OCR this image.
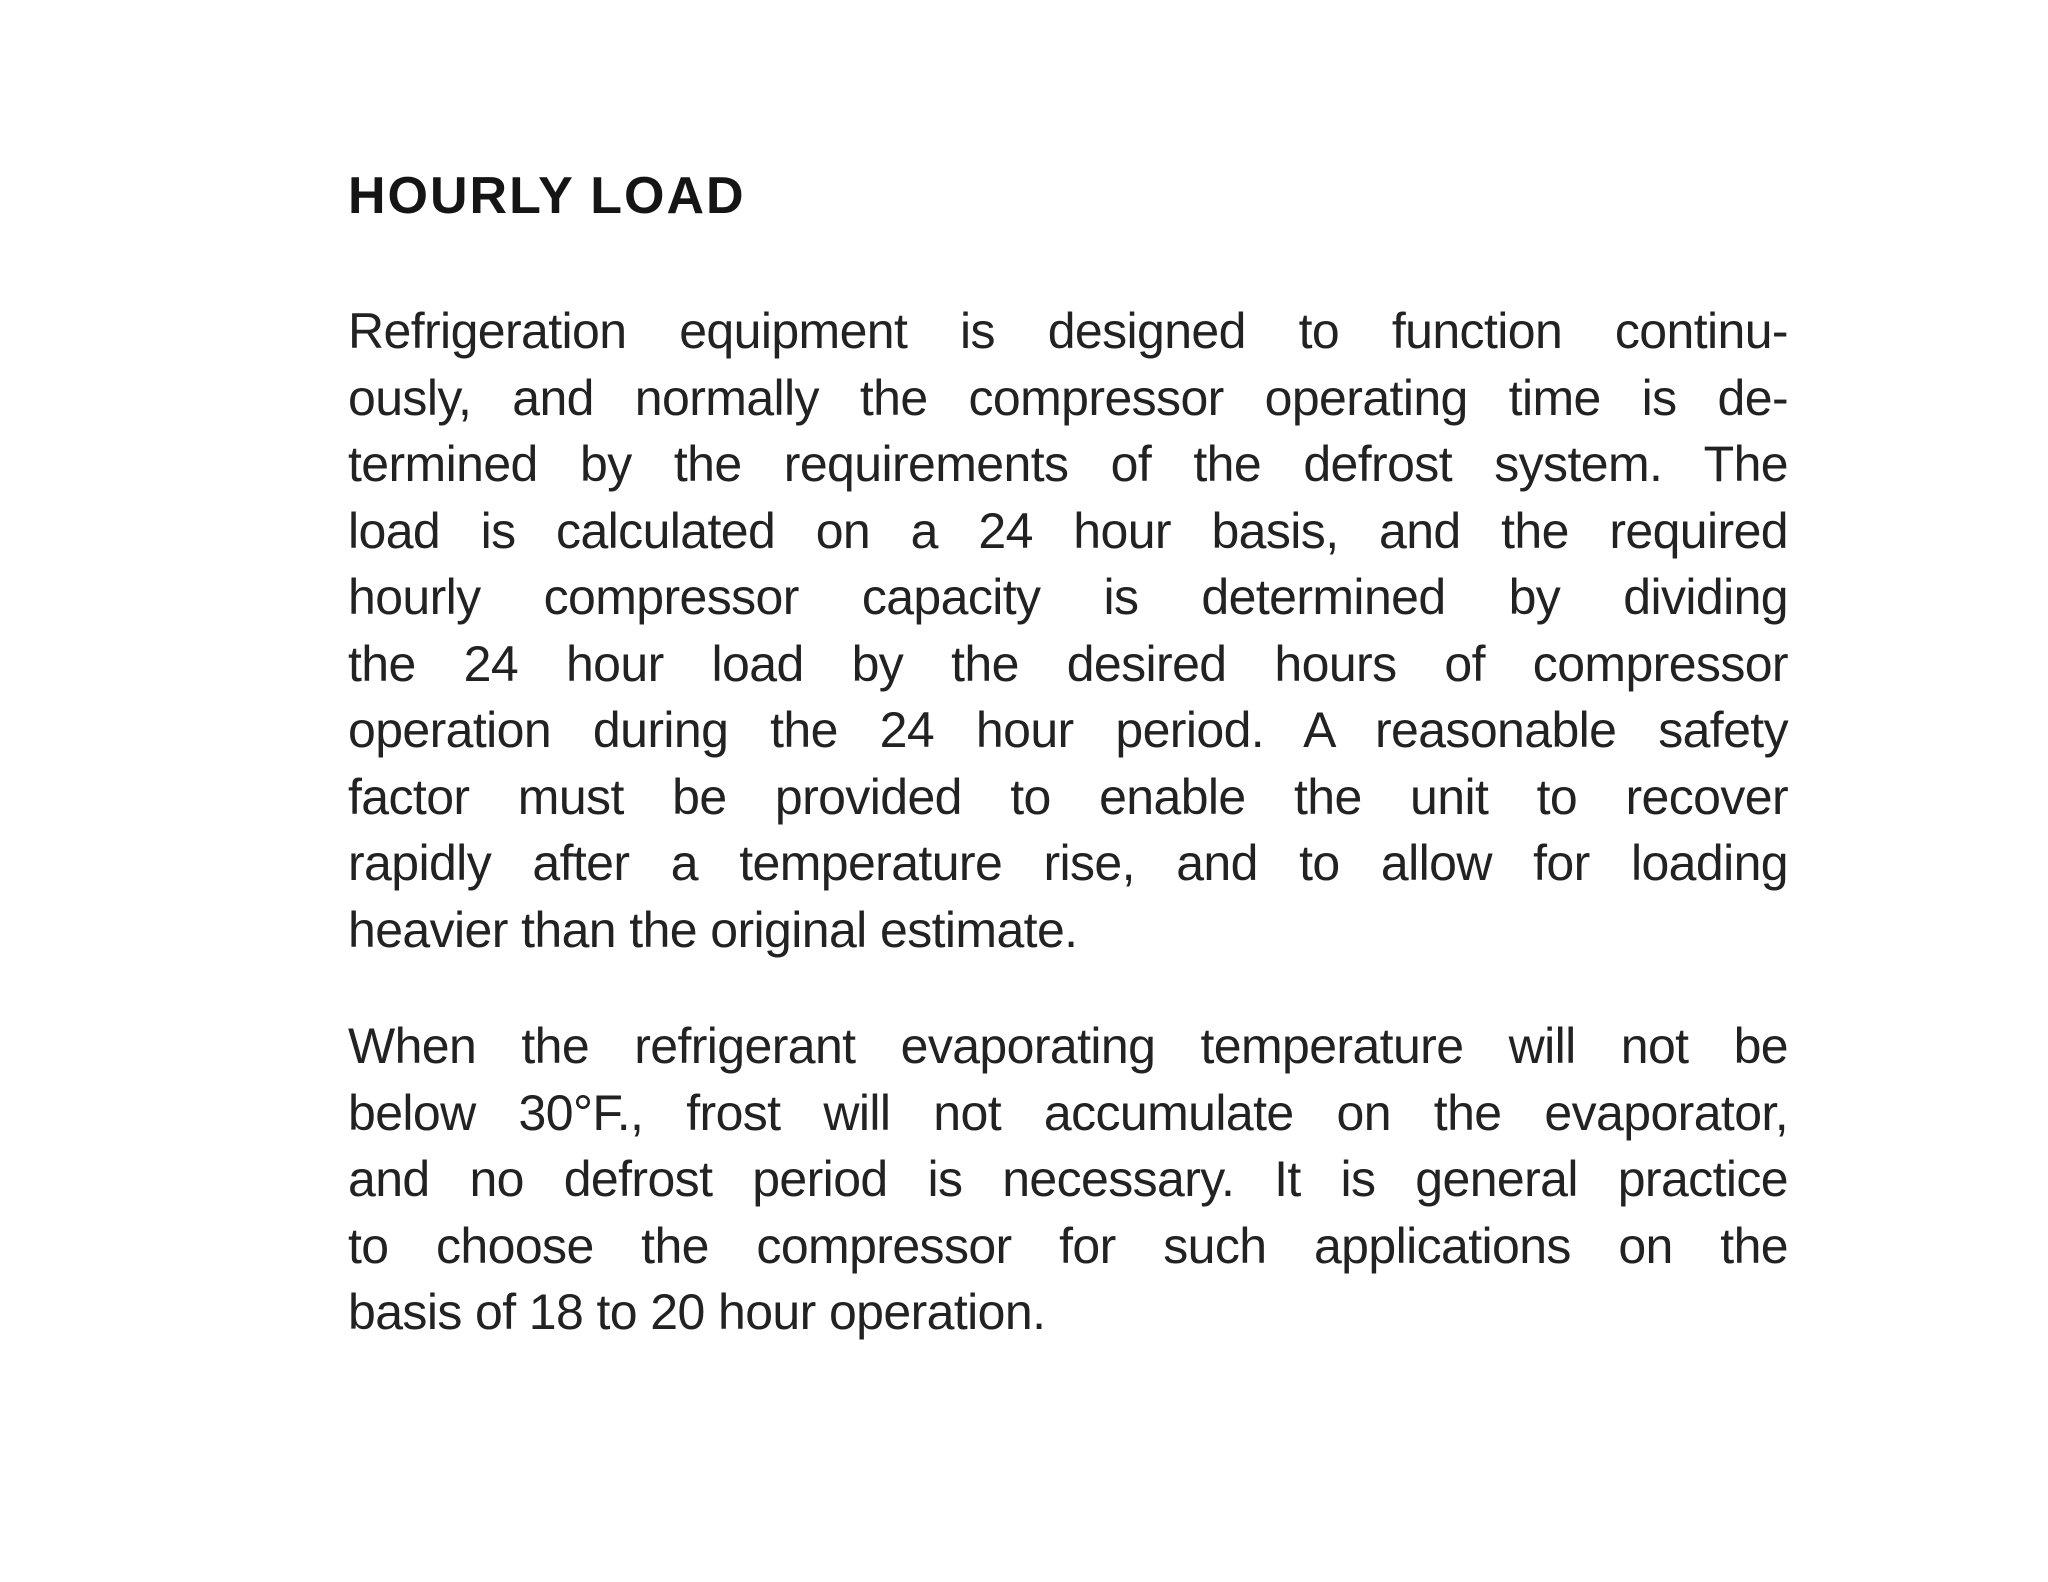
HOURLY LOAD

Refrigeration equipment is designed to function continu-
ously, and normally the compressor operating time is de-
termined by the requirements of the defrost system. The
load is calculated on a 24 hour basis, and the required
hourly compressor capacity is determined by dividing
the 24 hour load by the desired hours of compressor
operation during the 24 hour period. A reasonable safety
factor must be provided to enable the unit to recover
rapidly after a temperature rise, and to allow for loading
heavier than the original estimate.

When the refrigerant evaporating temperature will not be
below 30°F., frost will not accumulate on the evaporator,
and no defrost period is necessary. It is general practice
to choose the compressor for such applications on the
basis of 18 to 20 hour operation.
